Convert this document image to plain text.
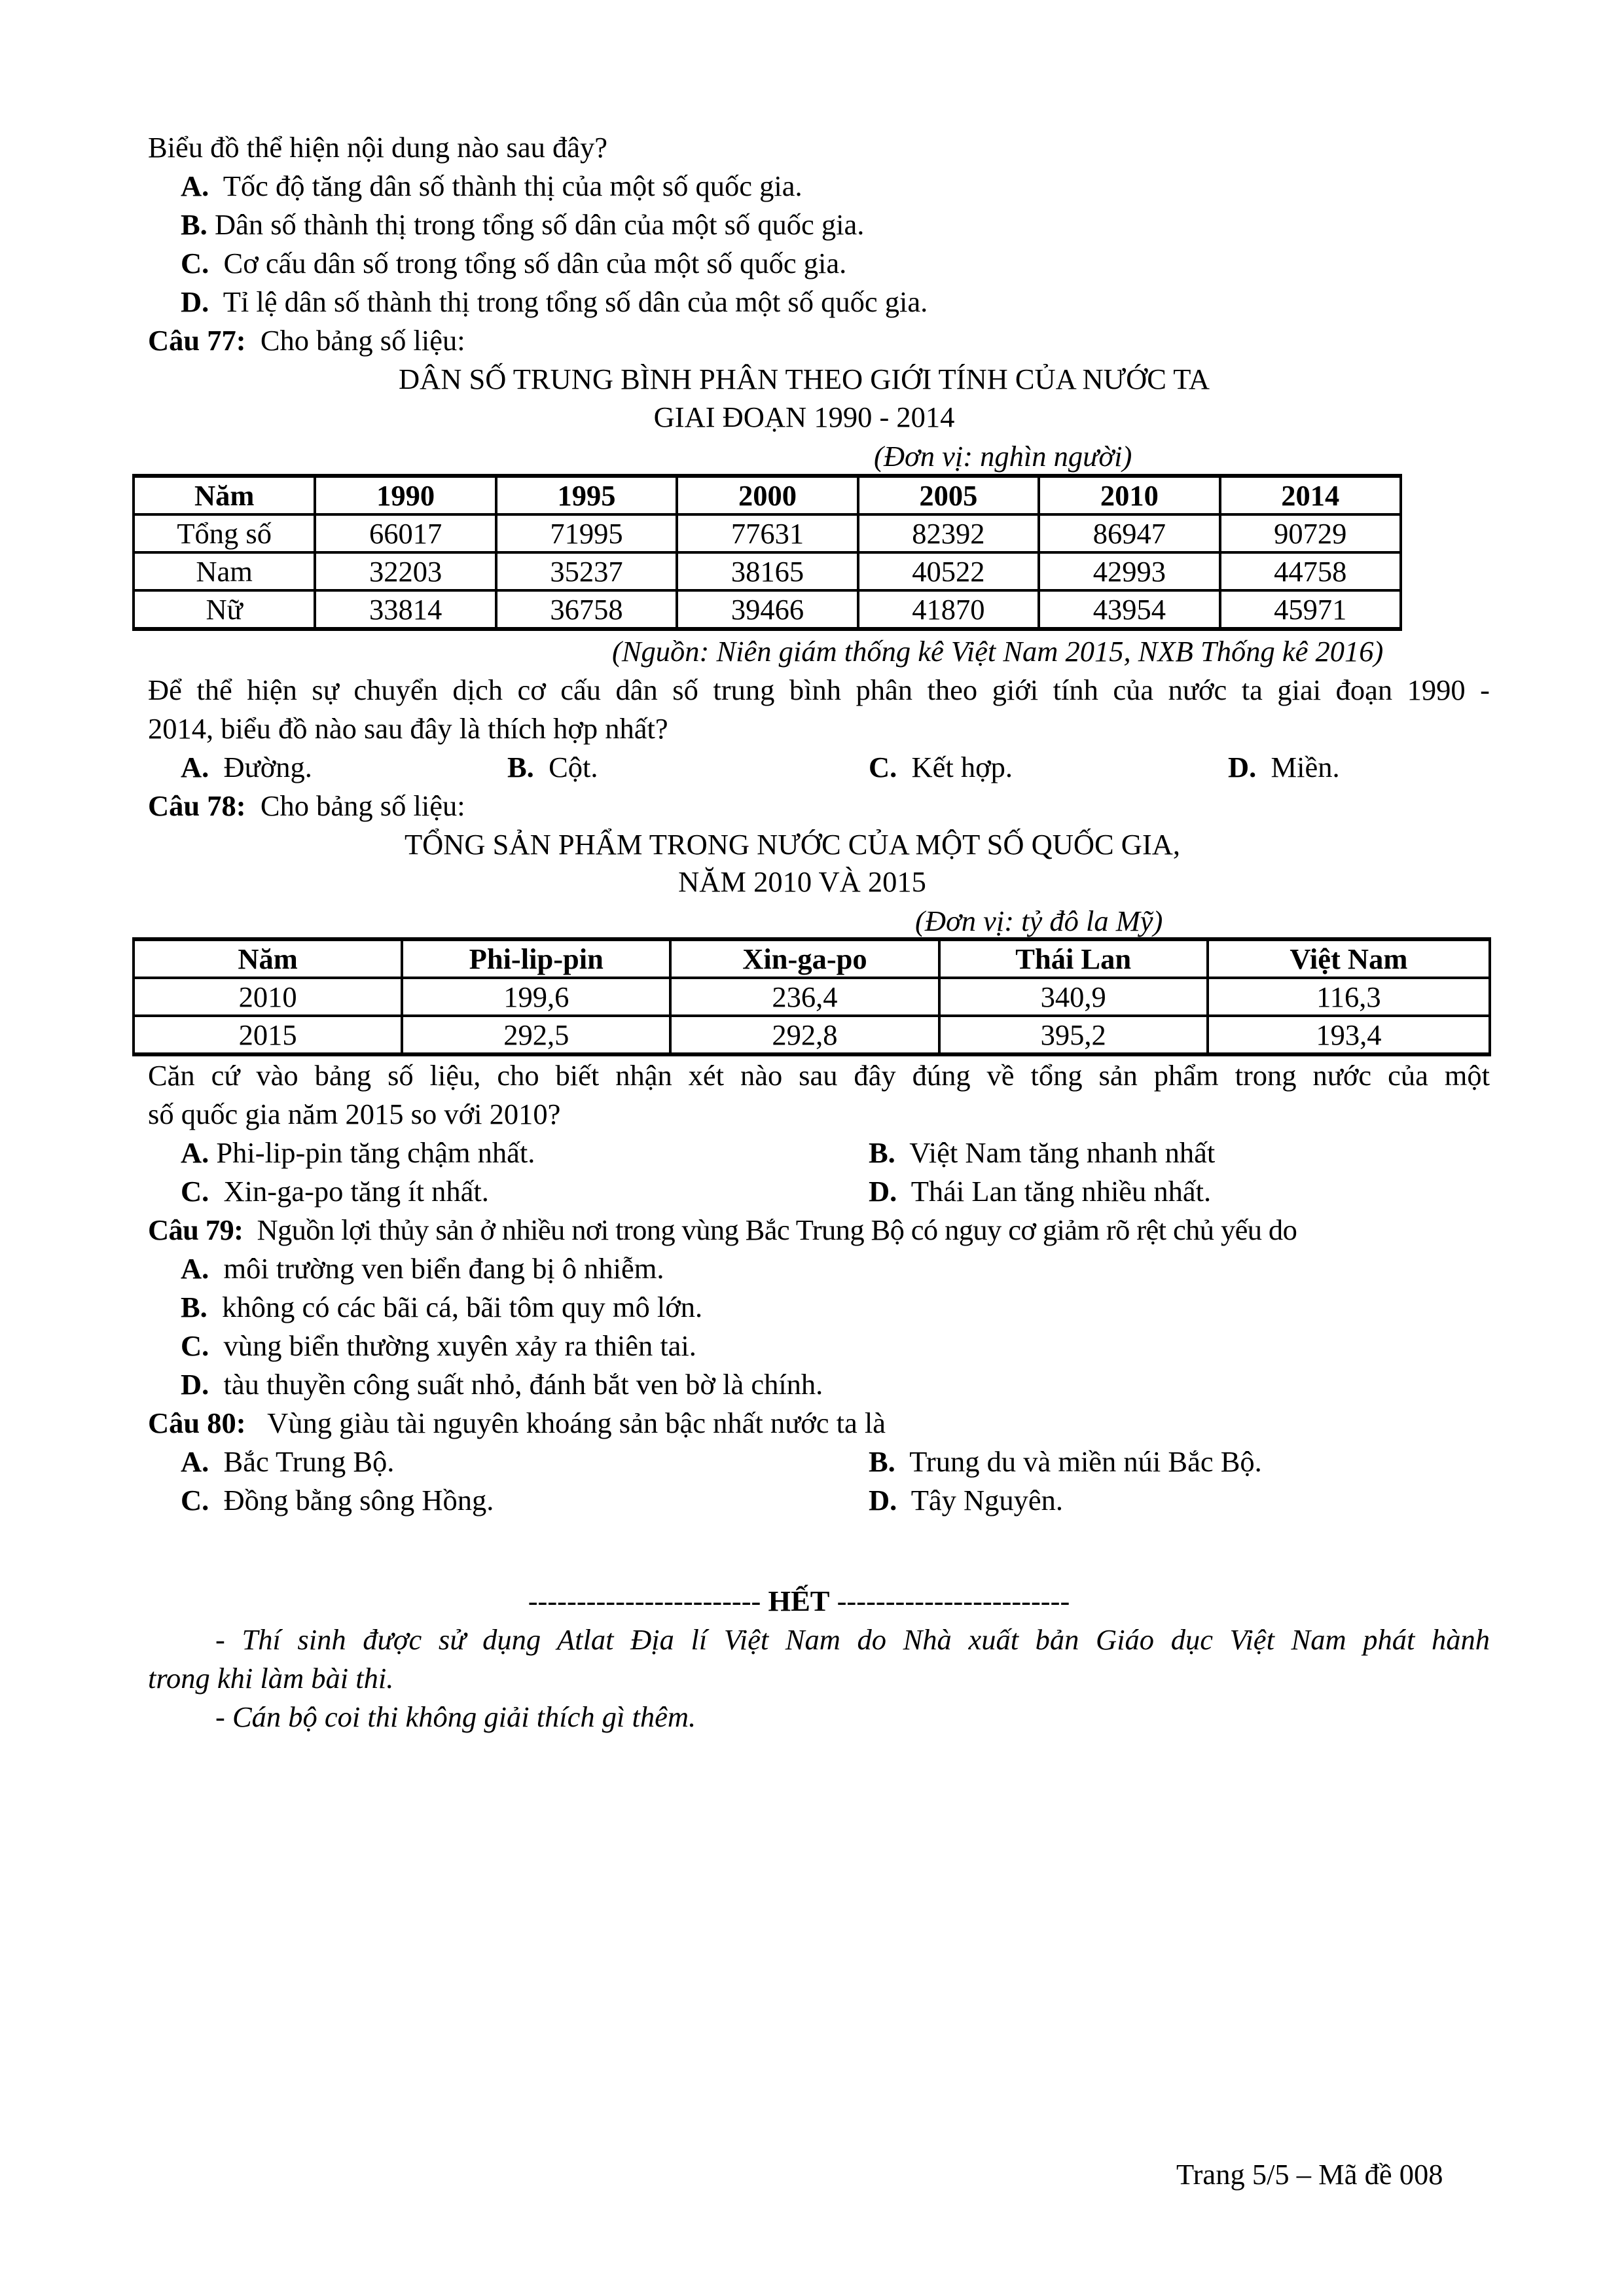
Biểu đồ thể hiện nội dung nào sau đây?
A. Tốc độ tăng dân số thành thị của một số quốc gia.
B. Dân số thành thị trong tổng số dân của một số quốc gia.
C. Cơ cấu dân số trong tổng số dân của một số quốc gia.
D. Tỉ lệ dân số thành thị trong tổng số dân của một số quốc gia.
Câu 77: Cho bảng số liệu:
DÂN SỐ TRUNG BÌNH PHÂN THEO GIỚI TÍNH CỦA NƯỚC TA
GIAI ĐOẠN 1990 - 2014
(Đơn vị: nghìn người)
Năm	1990	1995	2000	2005	2010	2014
Tổng số	66017	71995	77631	82392	86947	90729
Nam	32203	35237	38165	40522	42993	44758
Nữ	33814	36758	39466	41870	43954	45971
(Nguồn: Niên giám thống kê Việt Nam 2015, NXB Thống kê 2016)
Để thể hiện sự chuyển dịch cơ cấu dân số trung bình phân theo giới tính của nước ta giai đoạn 1990 -
2014, biểu đồ nào sau đây là thích hợp nhất?
A. Đường.	B. Cột.	C. Kết hợp.	D. Miền.
Câu 78: Cho bảng số liệu:
TỔNG SẢN PHẨM TRONG NƯỚC CỦA MỘT SỐ QUỐC GIA,
NĂM 2010 VÀ 2015
(Đơn vị: tỷ đô la Mỹ)
Năm	Phi-lip-pin	Xin-ga-po	Thái Lan	Việt Nam
2010	199,6	236,4	340,9	116,3
2015	292,5	292,8	395,2	193,4
Căn cứ vào bảng số liệu, cho biết nhận xét nào sau đây đúng về tổng sản phẩm trong nước của một
số quốc gia năm 2015 so với 2010?
A. Phi-lip-pin tăng chậm nhất.	B. Việt Nam tăng nhanh nhất
C. Xin-ga-po tăng ít nhất.	D. Thái Lan tăng nhiều nhất.
Câu 79: Nguồn lợi thủy sản ở nhiều nơi trong vùng Bắc Trung Bộ có nguy cơ giảm rõ rệt chủ yếu do
A. môi trường ven biển đang bị ô nhiễm.
B. không có các bãi cá, bãi tôm quy mô lớn.
C. vùng biển thường xuyên xảy ra thiên tai.
D. tàu thuyền công suất nhỏ, đánh bắt ven bờ là chính.
Câu 80: Vùng giàu tài nguyên khoáng sản bậc nhất nước ta là
A. Bắc Trung Bộ.	B. Trung du và miền núi Bắc Bộ.
C. Đồng bằng sông Hồng.	D. Tây Nguyên.
------------------------ HẾT ------------------------
- Thí sinh được sử dụng Atlat Địa lí Việt Nam do Nhà xuất bản Giáo dục Việt Nam phát hành
trong khi làm bài thi.
- Cán bộ coi thi không giải thích gì thêm.
Trang 5/5 – Mã đề 008
